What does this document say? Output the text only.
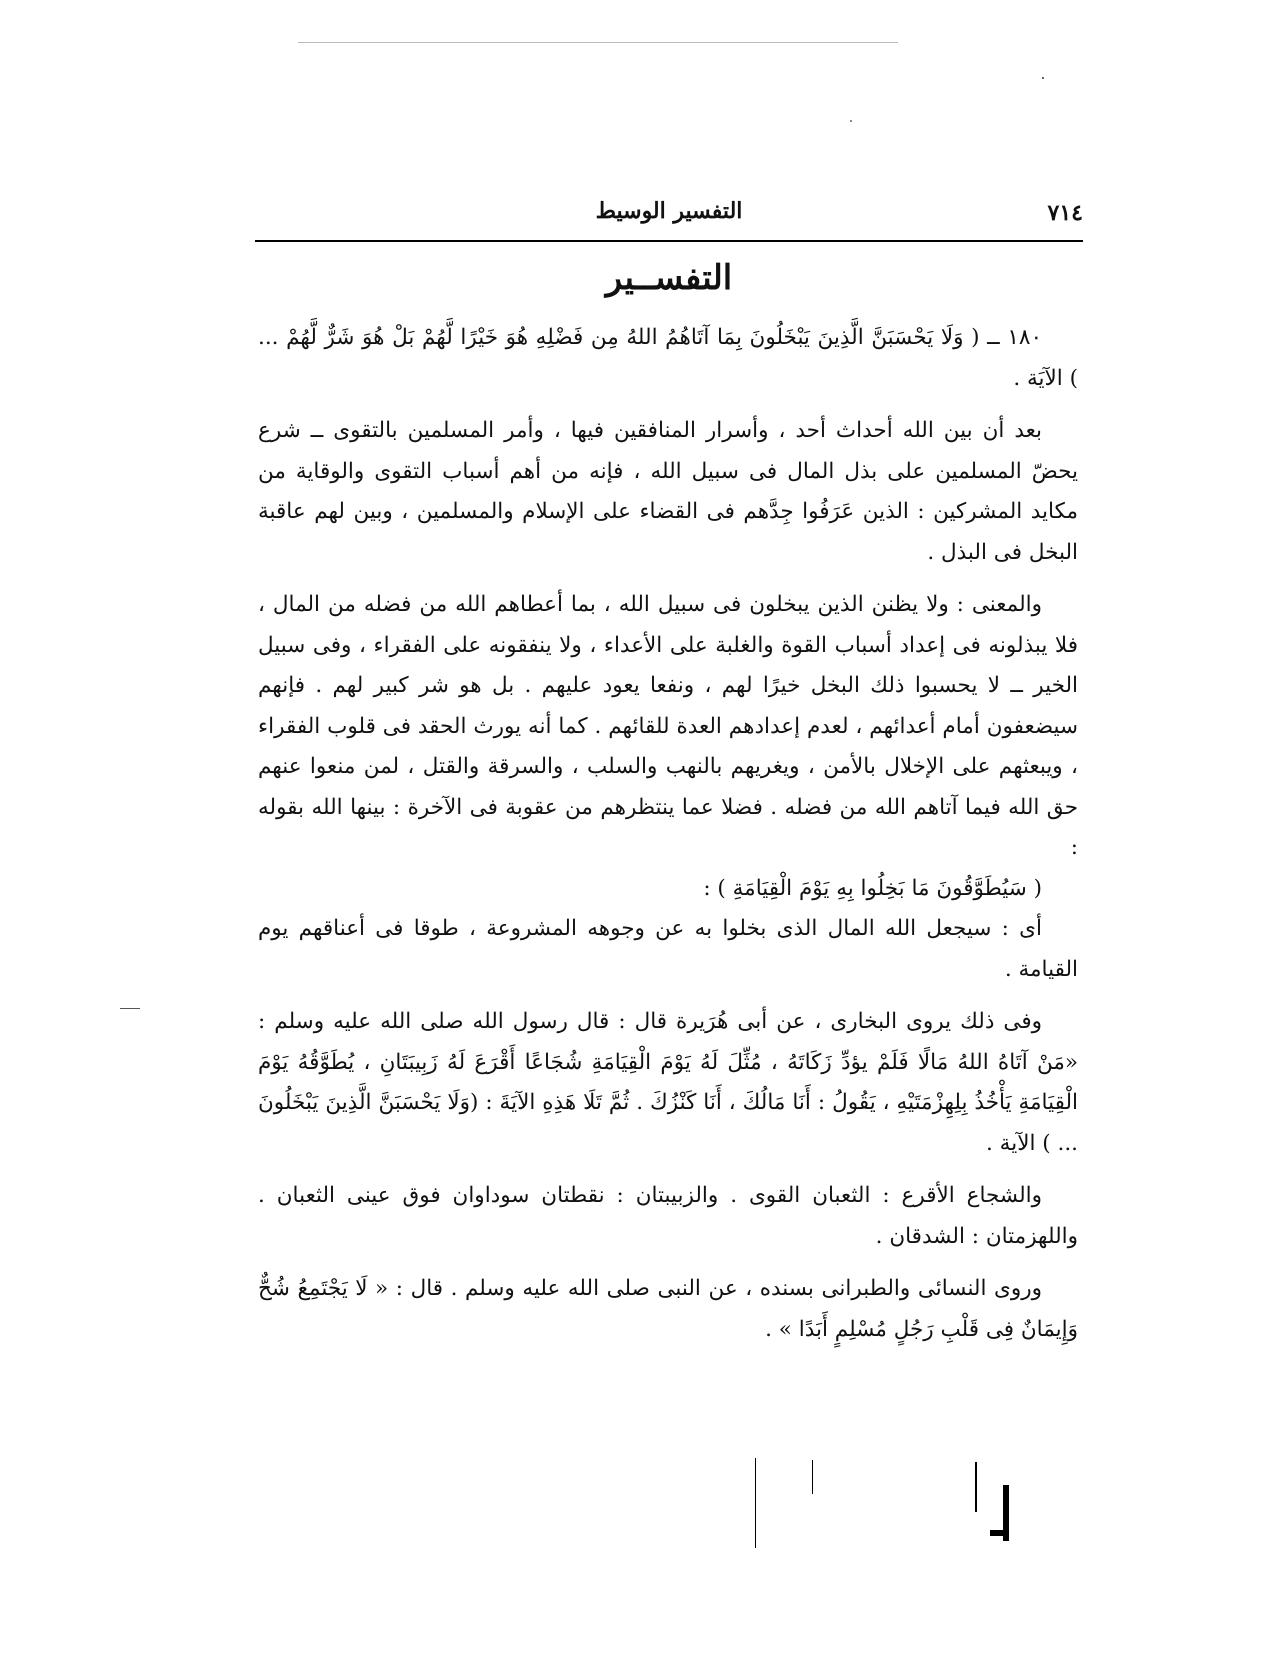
٧١٤
التفسير الوسيط
التفســير

١٨٠ ــ ( وَلَا يَحْسَبَنَّ الَّذِينَ يَبْخَلُونَ بِمَا آتَاهُمُ اللهُ مِن فَضْلِهِ هُوَ خَيْرًا لَّهُمْ بَلْ هُوَ شَرٌّ لَّهُمْ ... ) الآيَة .

بعد أن بين الله أحداث أحد ، وأسرار المنافقين فيها ، وأمر المسلمين بالتقوى ــ شرع يحضّ المسلمين على بذل المال فى سبيل الله ، فإنه من أهم أسباب التقوى والوقاية من مكايد المشركين : الذين عَرَفُوا جِدَّهم فى القضاء على الإسلام والمسلمين ، وبين لهم عاقبة البخل فى البذل .

والمعنى : ولا يظنن الذين يبخلون فى سبيل الله ، بما أعطاهم الله من فضله من المال ، فلا يبذلونه فى إعداد أسباب القوة والغلبة على الأعداء ، ولا ينفقونه على الفقراء ، وفى سبيل الخير ــ لا يحسبوا ذلك البخل خيرًا لهم ، ونفعا يعود عليهم . بل هو شر كبير لهم . فإنهم سيضعفون أمام أعدائهم ، لعدم إعدادهم العدة للقائهم . كما أنه يورث الحقد فى قلوب الفقراء ، ويبعثهم على الإخلال بالأمن ، ويغريهم بالنهب والسلب ، والسرقة والقتل ، لمن منعوا عنهم حق الله فيما آتاهم الله من فضله . فضلا عما ينتظرهم من عقوبة فى الآخرة : بينها الله بقوله :

( سَيُطَوَّقُونَ مَا بَخِلُوا بِهِ يَوْمَ الْقِيَامَةِ ) :

أى : سيجعل الله المال الذى بخلوا به عن وجوهه المشروعة ، طوقا فى أعناقهم يوم القيامة .

وفى ذلك يروى البخارى ، عن أبى هُرَيرة قال : قال رسول الله صلى الله عليه وسلم : «مَنْ آتَاهُ اللهُ مَالًا فَلَمْ يؤدِّ زَكَاتَهُ ، مُثِّلَ لَهُ يَوْمَ الْقِيَامَةِ شُجَاعًا أَقْرَعَ لَهُ زَبِيبَتَانِ ، يُطَوَّقُهُ يَوْمَ الْقِيَامَةِ يَأْخُذُ بِلِهِزْمَتَيْهِ ، يَقُولُ : أَنَا مَالُكَ ، أَنَا كَنْزُكَ . ثُمَّ تَلَا هَذِهِ الآيَةَ : (وَلَا يَحْسَبَنَّ الَّذِينَ يَبْخَلُونَ ... ) الآية .

والشجاع الأقرع : الثعبان القوى . والزبيبتان : نقطتان سوداوان فوق عينى الثعبان . واللهزمتان : الشدقان .

وروى النسائى والطبرانى بسنده ، عن النبى صلى الله عليه وسلم . قال : « لَا يَجْتَمِعُ شُحٌّ وَإِيمَانٌ فِى قَلْبِ رَجُلٍ مُسْلِمٍ أَبَدًا » .
